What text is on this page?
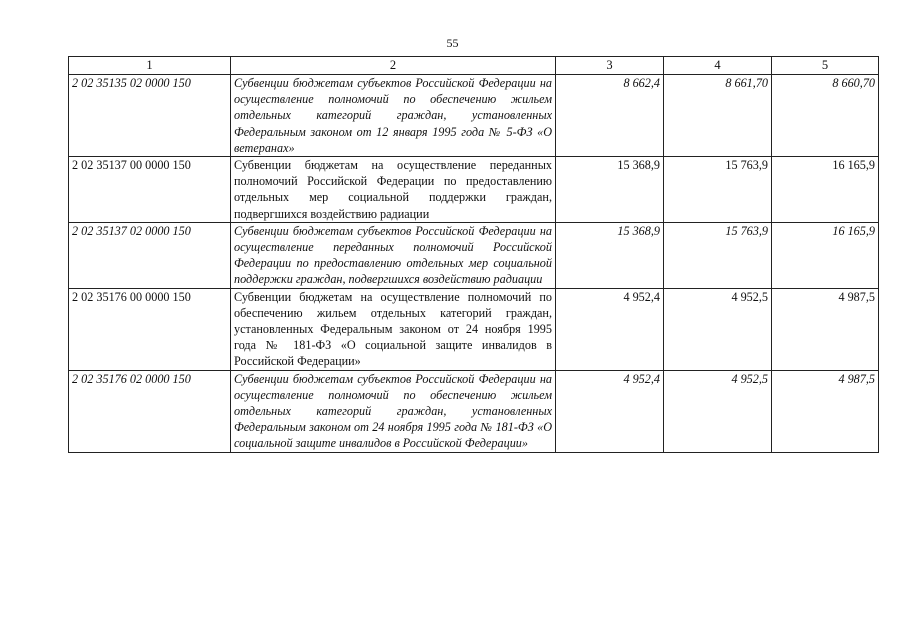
55
1	2	3	4	5
2 02 35135 02 0000 150	Субвенции бюджетам субъектов Российской Федерации на осуществление полномочий по обеспечению жильем отдельных категорий граждан, установленных Федеральным законом от 12 января 1995 года № 5-ФЗ «О ветеранах»	8 662,4	8 661,70	8 660,70
2 02 35137 00 0000 150	Субвенции бюджетам на осуществление переданных полномочий Российской Федерации по предоставлению отдельных мер социальной поддержки граждан, подвергшихся воздействию радиации	15 368,9	15 763,9	16 165,9
2 02 35137 02 0000 150	Субвенции бюджетам субъектов Российской Федерации на осуществление переданных полномочий Российской Федерации по предоставлению отдельных мер социальной поддержки граждан, подвергшихся воздействию радиации	15 368,9	15 763,9	16 165,9
2 02 35176 00 0000 150	Субвенции бюджетам на осуществление полномочий по обеспечению жильем отдельных категорий граждан, установленных Федеральным законом от 24 ноября 1995 года № 181-ФЗ «О социальной защите инвалидов в Российской Федерации»	4 952,4	4 952,5	4 987,5
2 02 35176 02 0000 150	Субвенции бюджетам субъектов Российской Федерации на осуществление полномочий по обеспечению жильем отдельных категорий граждан, установленных Федеральным законом от 24 ноября 1995 года № 181-ФЗ «О социальной защите инвалидов в Российской Федерации»	4 952,4	4 952,5	4 987,5
